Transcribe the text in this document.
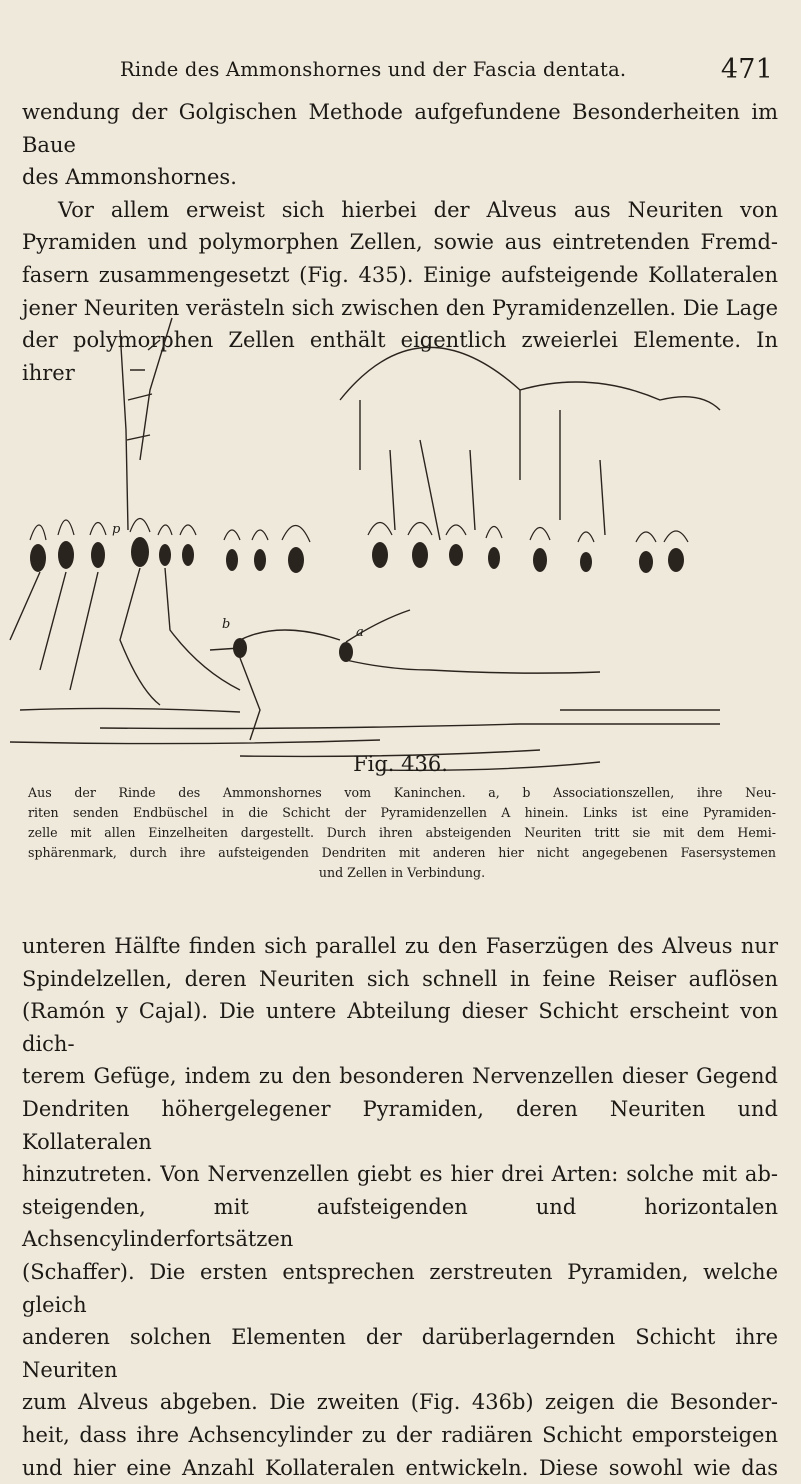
Rinde des Ammonshornes und der Fascia dentata.	471
wendung der Golgischen Methode aufgefundene Besonderheiten im Baue
des Ammonshornes.
Vor allem erweist sich hierbei der Alveus aus Neuriten von
Pyramiden und polymorphen Zellen, sowie aus eintretenden Fremd-
fasern zusammengesetzt (Fig. 435). Einige aufsteigende Kollateralen
jener Neuriten verästeln sich zwischen den Pyramidenzellen. Die Lage
der polymorphen Zellen enthält eigentlich zweierlei Elemente. In ihrer
p
b
a
Fig. 436.
Aus der Rinde des Ammonshornes vom Kaninchen. a, b Associationszellen, ihre Neu-
riten senden Endbüschel in die Schicht der Pyramidenzellen A hinein. Links ist eine Pyramiden-
zelle mit allen Einzelheiten dargestellt. Durch ihren absteigenden Neuriten tritt sie mit dem Hemi-
sphärenmark, durch ihre aufsteigenden Dendriten mit anderen hier nicht angegebenen Fasersystemen
und Zellen in Verbindung.
unteren Hälfte finden sich parallel zu den Faserzügen des Alveus nur
Spindelzellen, deren Neuriten sich schnell in feine Reiser auflösen
(Ramón y Cajal). Die untere Abteilung dieser Schicht erscheint von dich-
terem Gefüge, indem zu den besonderen Nervenzellen dieser Gegend
Dendriten höhergelegener Pyramiden, deren Neuriten und Kollateralen
hinzutreten. Von Nervenzellen giebt es hier drei Arten: solche mit ab-
steigenden, mit aufsteigenden und horizontalen Achsencylinderfortsätzen
(Schaffer). Die ersten entsprechen zerstreuten Pyramiden, welche gleich
anderen solchen Elementen der darüberlagernden Schicht ihre Neuriten
zum Alveus abgeben. Die zweiten (Fig. 436b) zeigen die Besonder-
heit, dass ihre Achsencylinder zu der radiären Schicht emporsteigen
und hier eine Anzahl Kollateralen entwickeln. Diese sowohl wie das
